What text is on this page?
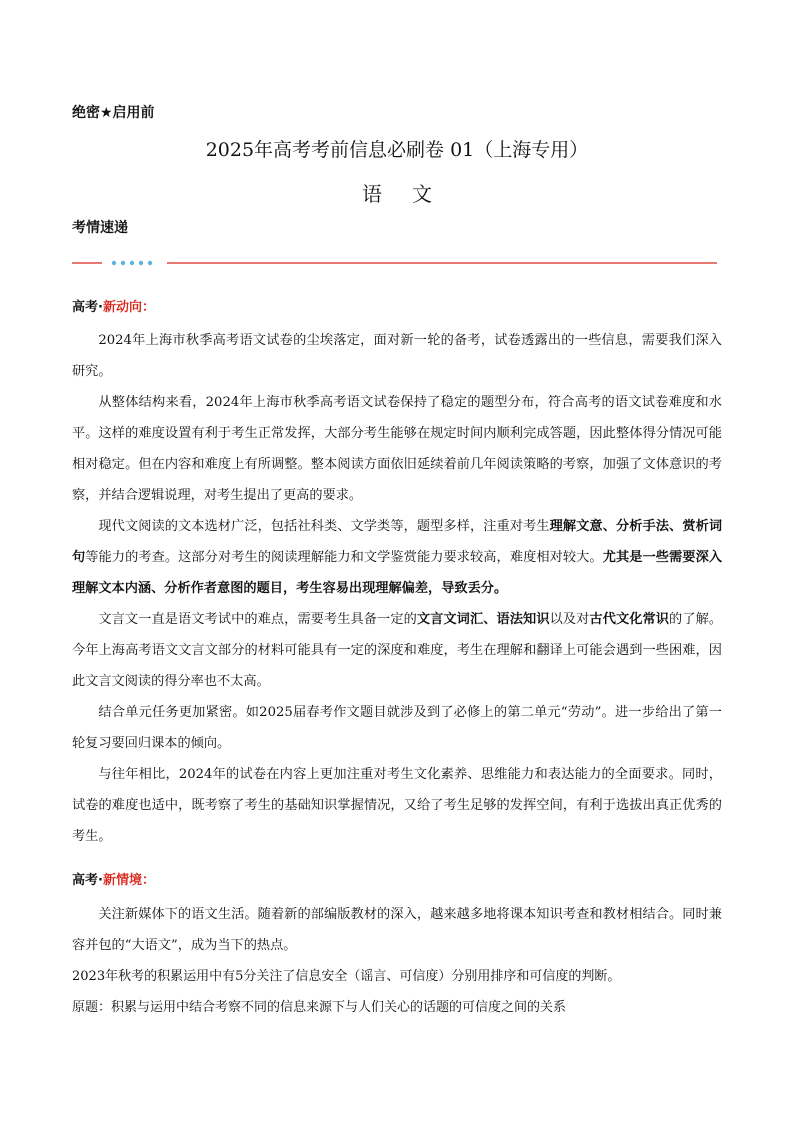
绝密★启用前
2025年高考考前信息必刷卷 01（上海专用）
语 文
考情速递
高考·新动向：

2024年上海市秋季高考语文试卷的尘埃落定，面对新一轮的备考，试卷透露出的一些信息，需要我们深入研究。

从整体结构来看，2024年上海市秋季高考语文试卷保持了稳定的题型分布，符合高考的语文试卷难度和水平。这样的难度设置有利于考生正常发挥，大部分考生能够在规定时间内顺利完成答题，因此整体得分情况可能相对稳定。但在内容和难度上有所调整。整本阅读方面依旧延续着前几年阅读策略的考察，加强了文体意识的考察，并结合逻辑说理，对考生提出了更高的要求。

现代文阅读的文本选材广泛，包括社科类、文学类等，题型多样，注重对考生理解文意、分析手法、赏析词句等能力的考查。这部分对考生的阅读理解能力和文学鉴赏能力要求较高，难度相对较大。尤其是一些需要深入理解文本内涵、分析作者意图的题目，考生容易出现理解偏差，导致丢分。

文言文一直是语文考试中的难点，需要考生具备一定的文言文词汇、语法知识以及对古代文化常识的了解。今年上海高考语文文言文部分的材料可能具有一定的深度和难度，考生在理解和翻译上可能会遇到一些困难，因此文言文阅读的得分率也不太高。

结合单元任务更加紧密。如2025届春考作文题目就涉及到了必修上的第二单元“劳动”。进一步给出了第一轮复习要回归课本的倾向。

与往年相比，2024年的试卷在内容上更加注重对考生文化素养、思维能力和表达能力的全面要求。同时，试卷的难度也适中，既考察了考生的基础知识掌握情况，又给了考生足够的发挥空间，有利于选拔出真正优秀的考生。

高考·新情境：

关注新媒体下的语文生活。随着新的部编版教材的深入，越来越多地将课本知识考查和教材相结合。同时兼容并包的“大语文”，成为当下的热点。

2023年秋考的积累运用中有5分关注了信息安全（谣言、可信度）分别用排序和可信度的判断。
原题：积累与运用中结合考察不同的信息来源下与人们关心的话题的可信度之间的关系
